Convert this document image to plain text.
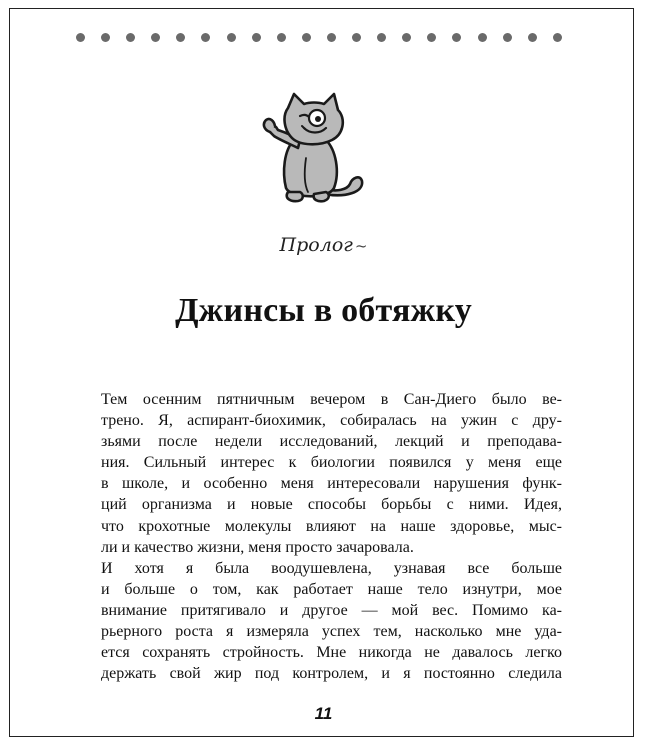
Пролог ~
Джинсы в обтяжку

Тем осенним пятничным вечером в Сан-Диего было ве-
трено. Я, аспирант-биохимик, собиралась на ужин с дру-
зьями после недели исследований, лекций и преподава-
ния. Сильный интерес к биологии появился у меня еще
в школе, и особенно меня интересовали нарушения функ-
ций организма и новые способы борьбы с ними. Идея,
что крохотные молекулы влияют на наше здоровье, мыс-
ли и качество жизни, меня просто зачаровала.

И хотя я была воодушевлена, узнавая все больше
и больше о том, как работает наше тело изнутри, мое
внимание притягивало и другое — мой вес. Помимо ка-
рьерного роста я измеряла успех тем, насколько мне уда-
ется сохранять стройность. Мне никогда не давалось легко
держать свой жир под контролем, и я постоянно следила

11
